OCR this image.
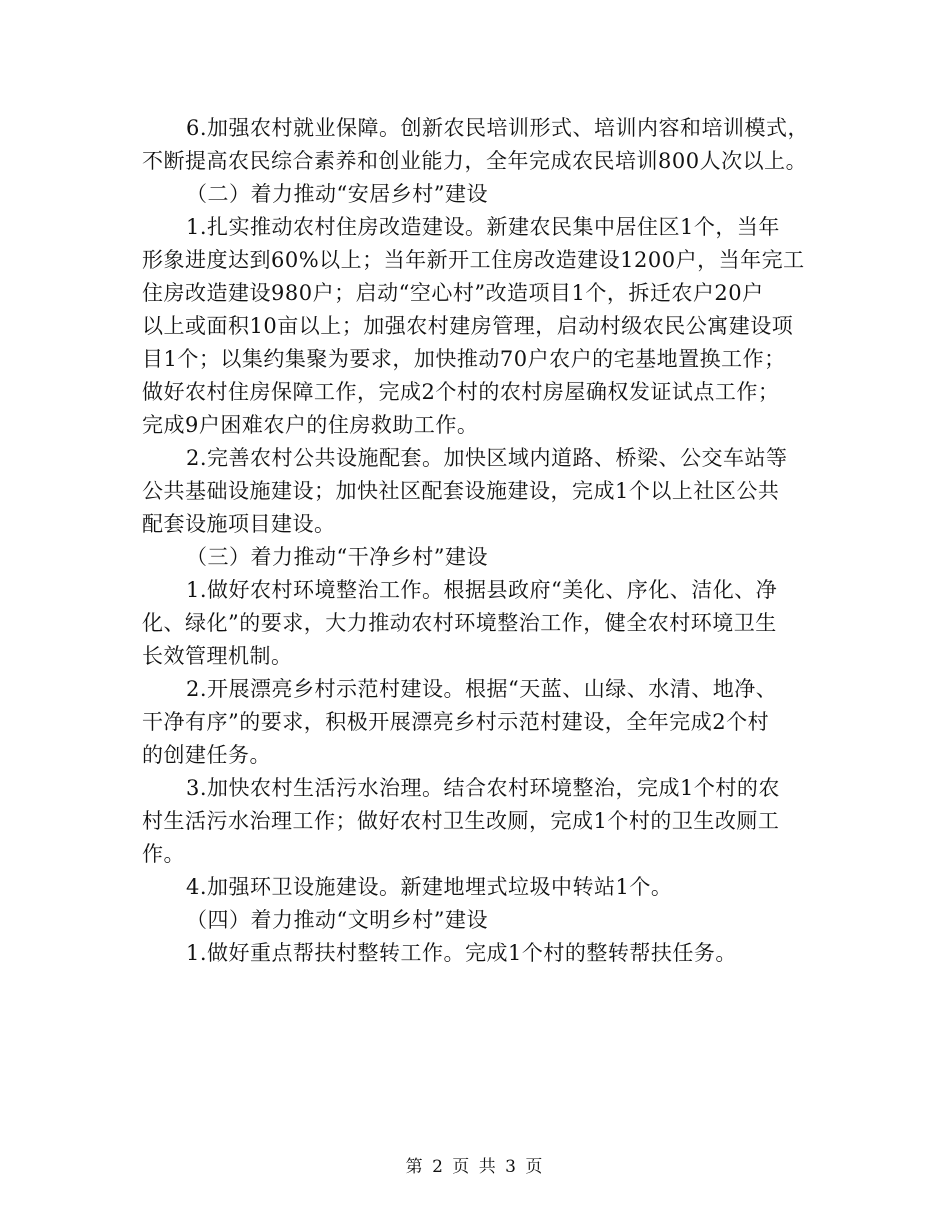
6.加强农村就业保障。创新农民培训形式、培训内容和培训模式，
不断提高农民综合素养和创业能力，全年完成农民培训800人次以上。
（二）着力推动“安居乡村”建设
1.扎实推动农村住房改造建设。新建农民集中居住区1个，当年
形象进度达到60%以上；当年新开工住房改造建设1200户，当年完工
住房改造建设980户；启动“空心村”改造项目1个，拆迁农户20户
以上或面积10亩以上；加强农村建房管理，启动村级农民公寓建设项
目1个；以集约集聚为要求，加快推动70户农户的宅基地置换工作；
做好农村住房保障工作，完成2个村的农村房屋确权发证试点工作；
完成9户困难农户的住房救助工作。
2.完善农村公共设施配套。加快区域内道路、桥梁、公交车站等
公共基础设施建设；加快社区配套设施建设，完成1个以上社区公共
配套设施项目建设。
（三）着力推动“干净乡村”建设
1.做好农村环境整治工作。根据县政府“美化、序化、洁化、净
化、绿化”的要求，大力推动农村环境整治工作，健全农村环境卫生
长效管理机制。
2.开展漂亮乡村示范村建设。根据“天蓝、山绿、水清、地净、
干净有序”的要求，积极开展漂亮乡村示范村建设，全年完成2个村
的创建任务。
3.加快农村生活污水治理。结合农村环境整治，完成1个村的农
村生活污水治理工作；做好农村卫生改厕，完成1个村的卫生改厕工
作。
4.加强环卫设施建设。新建地埋式垃圾中转站1个。
（四）着力推动“文明乡村”建设
1.做好重点帮扶村整转工作。完成1个村的整转帮扶任务。
第 2 页 共 3 页
